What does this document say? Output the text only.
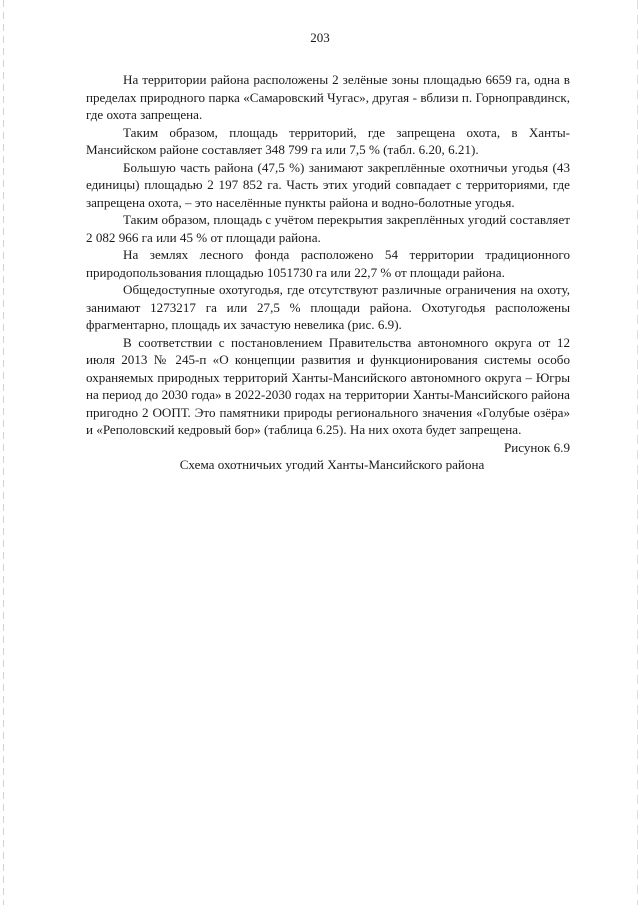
203

На территории района расположены 2 зелёные зоны площадью 6659 га, одна в пределах природного парка «Самаровский Чугас», другая - вблизи п. Горноправдинск, где охота запрещена.

Таким образом, площадь территорий, где запрещена охота, в Ханты-Мансийском районе составляет 348 799 га или 7,5 % (табл. 6.20, 6.21).

Большую часть района (47,5 %) занимают закреплённые охотничьи угодья (43 единицы) площадью 2 197 852 га. Часть этих угодий совпадает с территориями, где запрещена охота, – это населённые пункты района и водно-болотные угодья.

Таким образом, площадь с учётом перекрытия закреплённых угодий составляет 2 082 966 га или 45 % от площади района.

На землях лесного фонда расположено 54 территории традиционного природопользования площадью 1051730 га или 22,7 % от площади района.

Общедоступные охотугодья, где отсутствуют различные ограничения на охоту, занимают 1273217 га или 27,5 % площади района. Охотугодья расположены фрагментарно, площадь их зачастую невелика (рис. 6.9).

В соответствии с постановлением Правительства автономного округа от 12 июля 2013 № 245-п «О концепции развития и функционирования системы особо охраняемых природных территорий Ханты-Мансийского автономного округа – Югры на период до 2030 года» в 2022-2030 годах на территории Ханты-Мансийского района пригодно 2 ООПТ. Это памятники природы регионального значения «Голубые озёра» и «Реполовский кедровый бор» (таблица 6.25). На них охота будет запрещена.

Рисунок 6.9

Схема охотничьих угодий Ханты-Мансийского района
